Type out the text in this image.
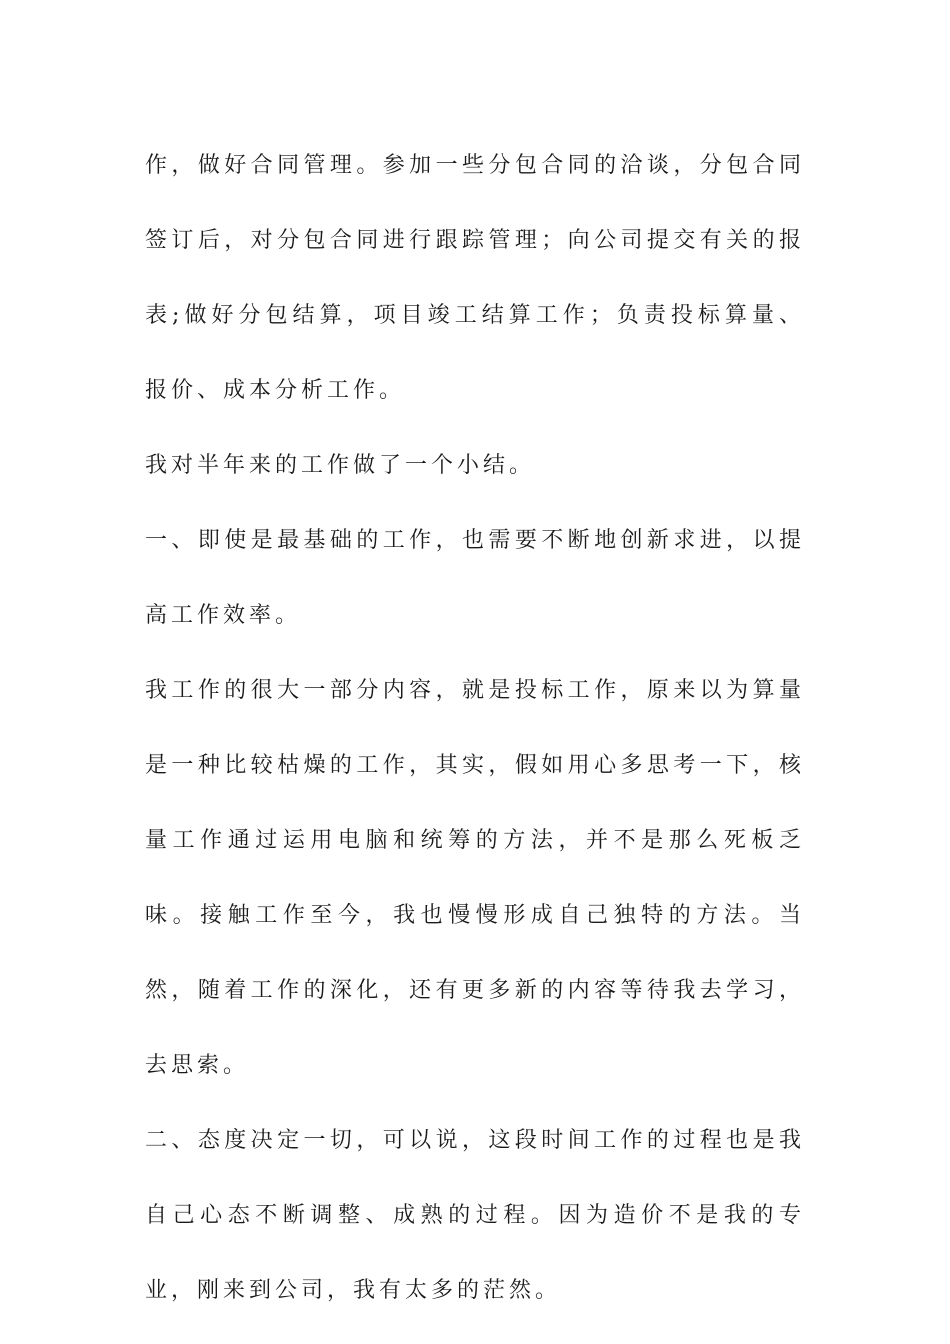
作，做好合同管理。参加一些分包合同的洽谈，分包合同签订后，对分包合同进行跟踪管理；向公司提交有关的报表;做好分包结算，项目竣工结算工作；负责投标算量、报价、成本分析工作。

我对半年来的工作做了一个小结。

一、即使是最基础的工作，也需要不断地创新求进，以提高工作效率。

我工作的很大一部分内容，就是投标工作，原来以为算量是一种比较枯燥的工作，其实，假如用心多思考一下，核量工作通过运用电脑和统筹的方法，并不是那么死板乏味。接触工作至今，我也慢慢形成自己独特的方法。当然，随着工作的深化，还有更多新的内容等待我去学习，去思索。

二、态度决定一切，可以说，这段时间工作的过程也是我自己心态不断调整、成熟的过程。因为造价不是我的专业，刚来到公司，我有太多的茫然。
